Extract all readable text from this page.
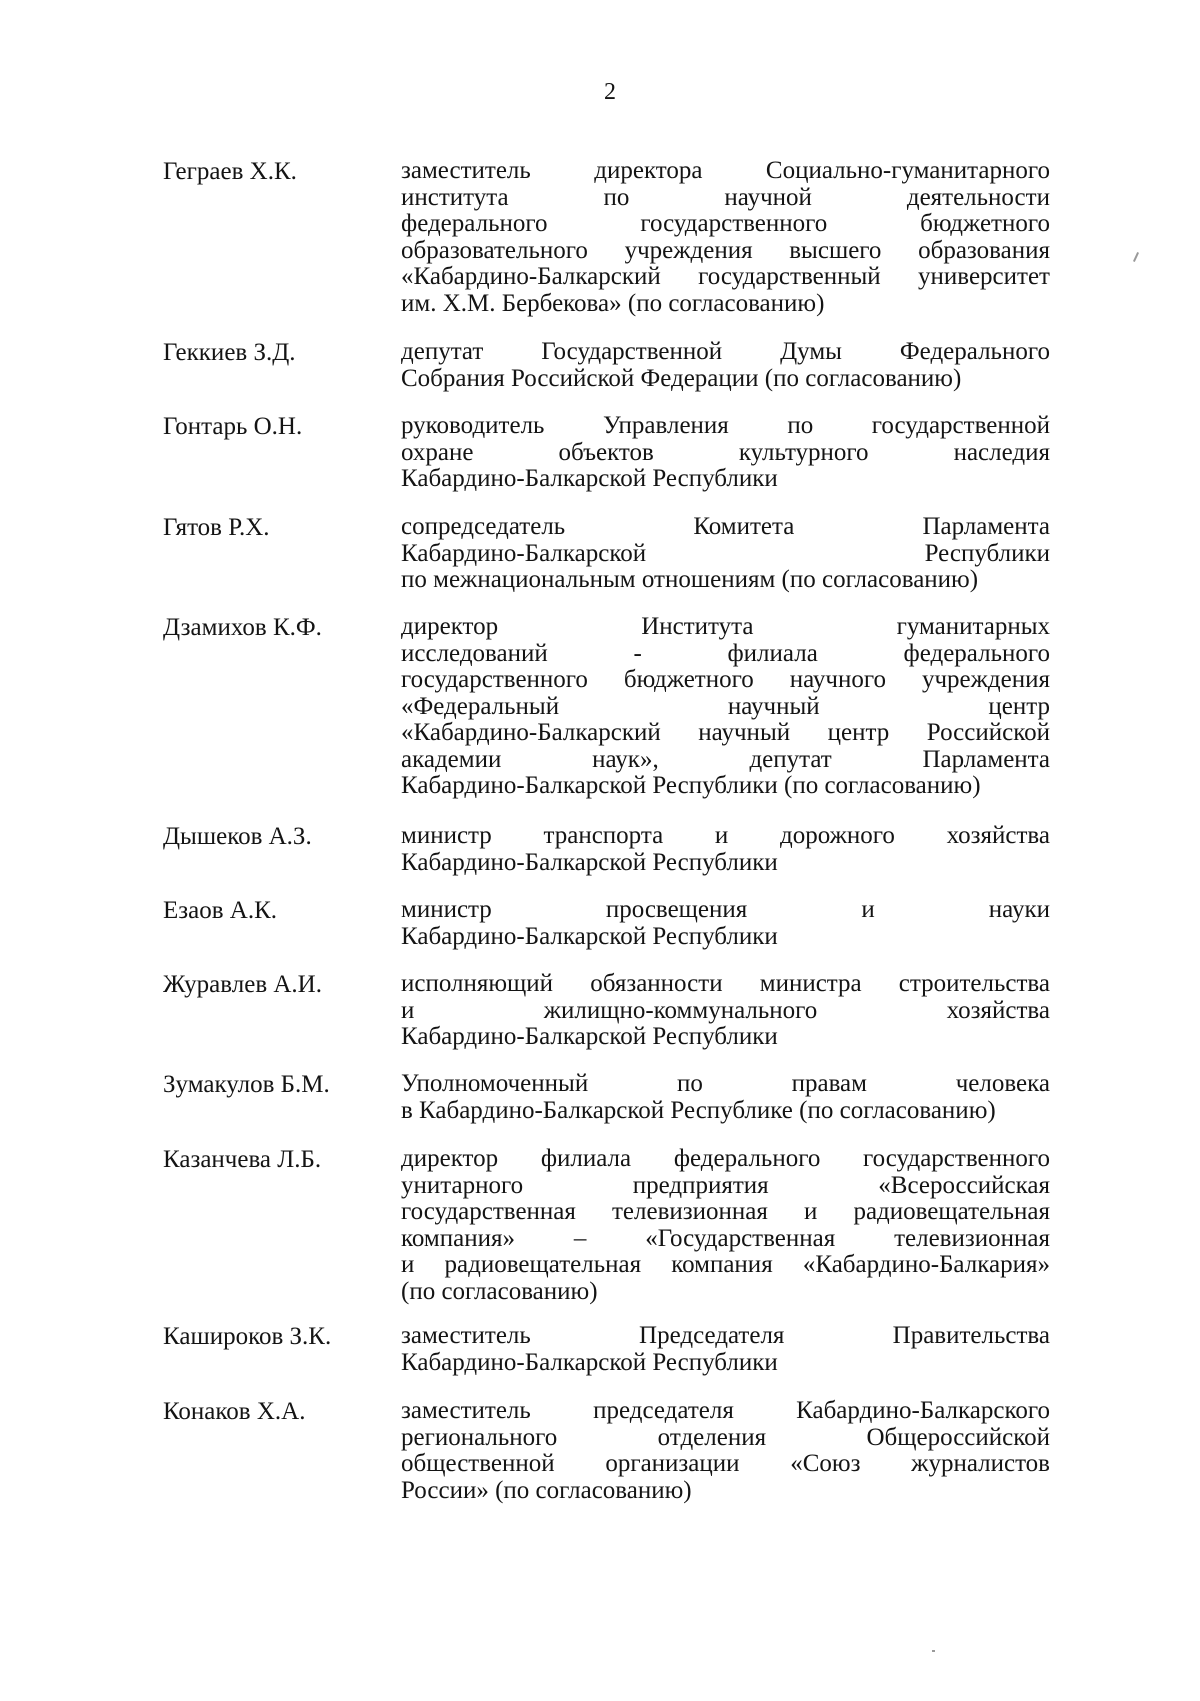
2
Геграев Х.К.	заместитель	директора	Социально-гуманитарного
института	по	научной	деятельности
федерального	государственного	бюджетного
образовательного учреждения высшего образования
«Кабардино-Балкарский государственный университет
им. Х.М. Бербекова» (по согласованию)
Геккиев З.Д.	депутат Государственной Думы Федерального
Собрания Российской Федерации (по согласованию)
Гонтарь О.Н.	руководитель Управления по государственной
охране	объектов	культурного	наследия
Кабардино-Балкарской Республики
Гятов Р.Х.	сопредседатель	Комитета	Парламента
Кабардино-Балкарской	Республики
по межнациональным отношениям (по согласованию)
Дзамихов К.Ф.	директор	Института	гуманитарных
исследований	-	филиала	федерального
государственного бюджетного научного учреждения
«Федеральный	научный	центр
«Кабардино-Балкарский научный центр Российской
академии	наук»,	депутат	Парламента
Кабардино-Балкарской Республики (по согласованию)
Дышеков А.З.	министр транспорта и дорожного хозяйства
Кабардино-Балкарской Республики
Езаов А.К.	министр	просвещения	и	науки
Кабардино-Балкарской Республики
Журавлев А.И.	исполняющий обязанности министра строительства
и	жилищно-коммунального	хозяйства
Кабардино-Балкарской Республики
Зумакулов Б.М.	Уполномоченный	по	правам	человека
в Кабардино-Балкарской Республике (по согласованию)
Казанчева Л.Б.	директор филиала федерального государственного
унитарного	предприятия	«Всероссийская
государственная телевизионная и радиовещательная
компания» – «Государственная телевизионная
и радиовещательная компания «Кабардино-Балкария»
(по согласованию)
Кашироков З.К.	заместитель	Председателя	Правительства
Кабардино-Балкарской Республики
Конаков Х.А.	заместитель председателя Кабардино-Балкарского
регионального	отделения	Общероссийской
общественной организации «Союз журналистов
России» (по согласованию)
